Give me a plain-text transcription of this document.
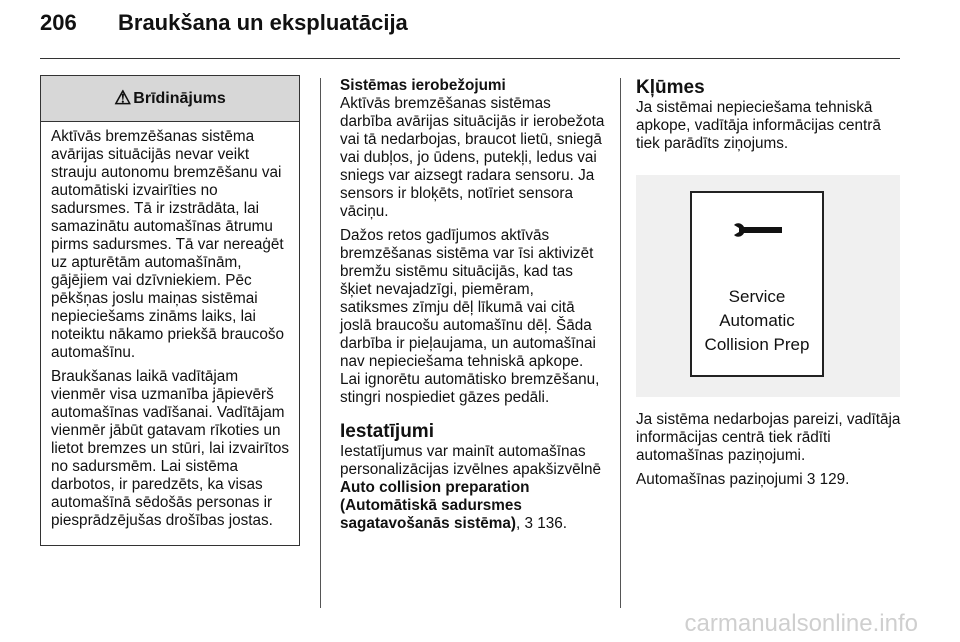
206 Braukšana un ekspluatācija
⚠ Brīdinājums

Aktīvās bremzēšanas sistēma avārijas situācijās nevar veikt strauju autonomu bremzēšanu vai automātiski izvairīties no sadursmes. Tā ir izstrādāta, lai samazinātu automašīnas ātrumu pirms sadursmes. Tā var nereaģēt uz apturētām automašīnām, gājējiem vai dzīvniekiem. Pēc pēkšņas joslu maiņas sistēmai nepieciešams zināms laiks, lai noteiktu nākamo priekšā braucošo automašīnu.

Braukšanas laikā vadītājam vienmēr visa uzmanība jāpievērš automašīnas vadīšanai. Vadītājam vienmēr jābūt gatavam rīkoties un lietot bremzes un stūri, lai izvairītos no sadursmēm. Lai sistēma darbotos, ir paredzēts, ka visas automašīnā sēdošās personas ir piesprādzējušas drošības jostas.

Sistēmas ierobežojumi

Aktīvās bremzēšanas sistēmas darbība avārijas situācijās ir ierobežota vai tā nedarbojas, braucot lietū, sniegā vai dubļos, jo ūdens, putekļi, ledus vai sniegs var aizsegt radara sensoru. Ja sensors ir bloķēts, notīriet sensora vāciņu.

Dažos retos gadījumos aktīvās bremzēšanas sistēma var īsi aktivizēt bremžu sistēmu situācijās, kad tas šķiet nevajadzīgi, piemēram, satiksmes zīmju dēļ līkumā vai citā joslā braucošu automašīnu dēļ. Šāda darbība ir pieļaujama, un automašīnai nav nepieciešama tehniskā apkope. Lai ignorētu automātisko bremzēšanu, stingri nospiediet gāzes pedāli.

Iestatījumi

Iestatījumus var mainīt automašīnas personalizācijas izvēlnes apakšizvēlnē Auto collision preparation (Automātiskā sadursmes sagatavošanās sistēma), 3 136.

Kļūmes

Ja sistēmai nepieciešama tehniskā apkope, vadītāja informācijas centrā tiek parādīts ziņojums.

Service
Automatic
Collision Prep

Ja sistēma nedarbojas pareizi, vadītāja informācijas centrā tiek rādīti automašīnas paziņojumi.

Automašīnas paziņojumi 3 129.

carmanualsonline.info
